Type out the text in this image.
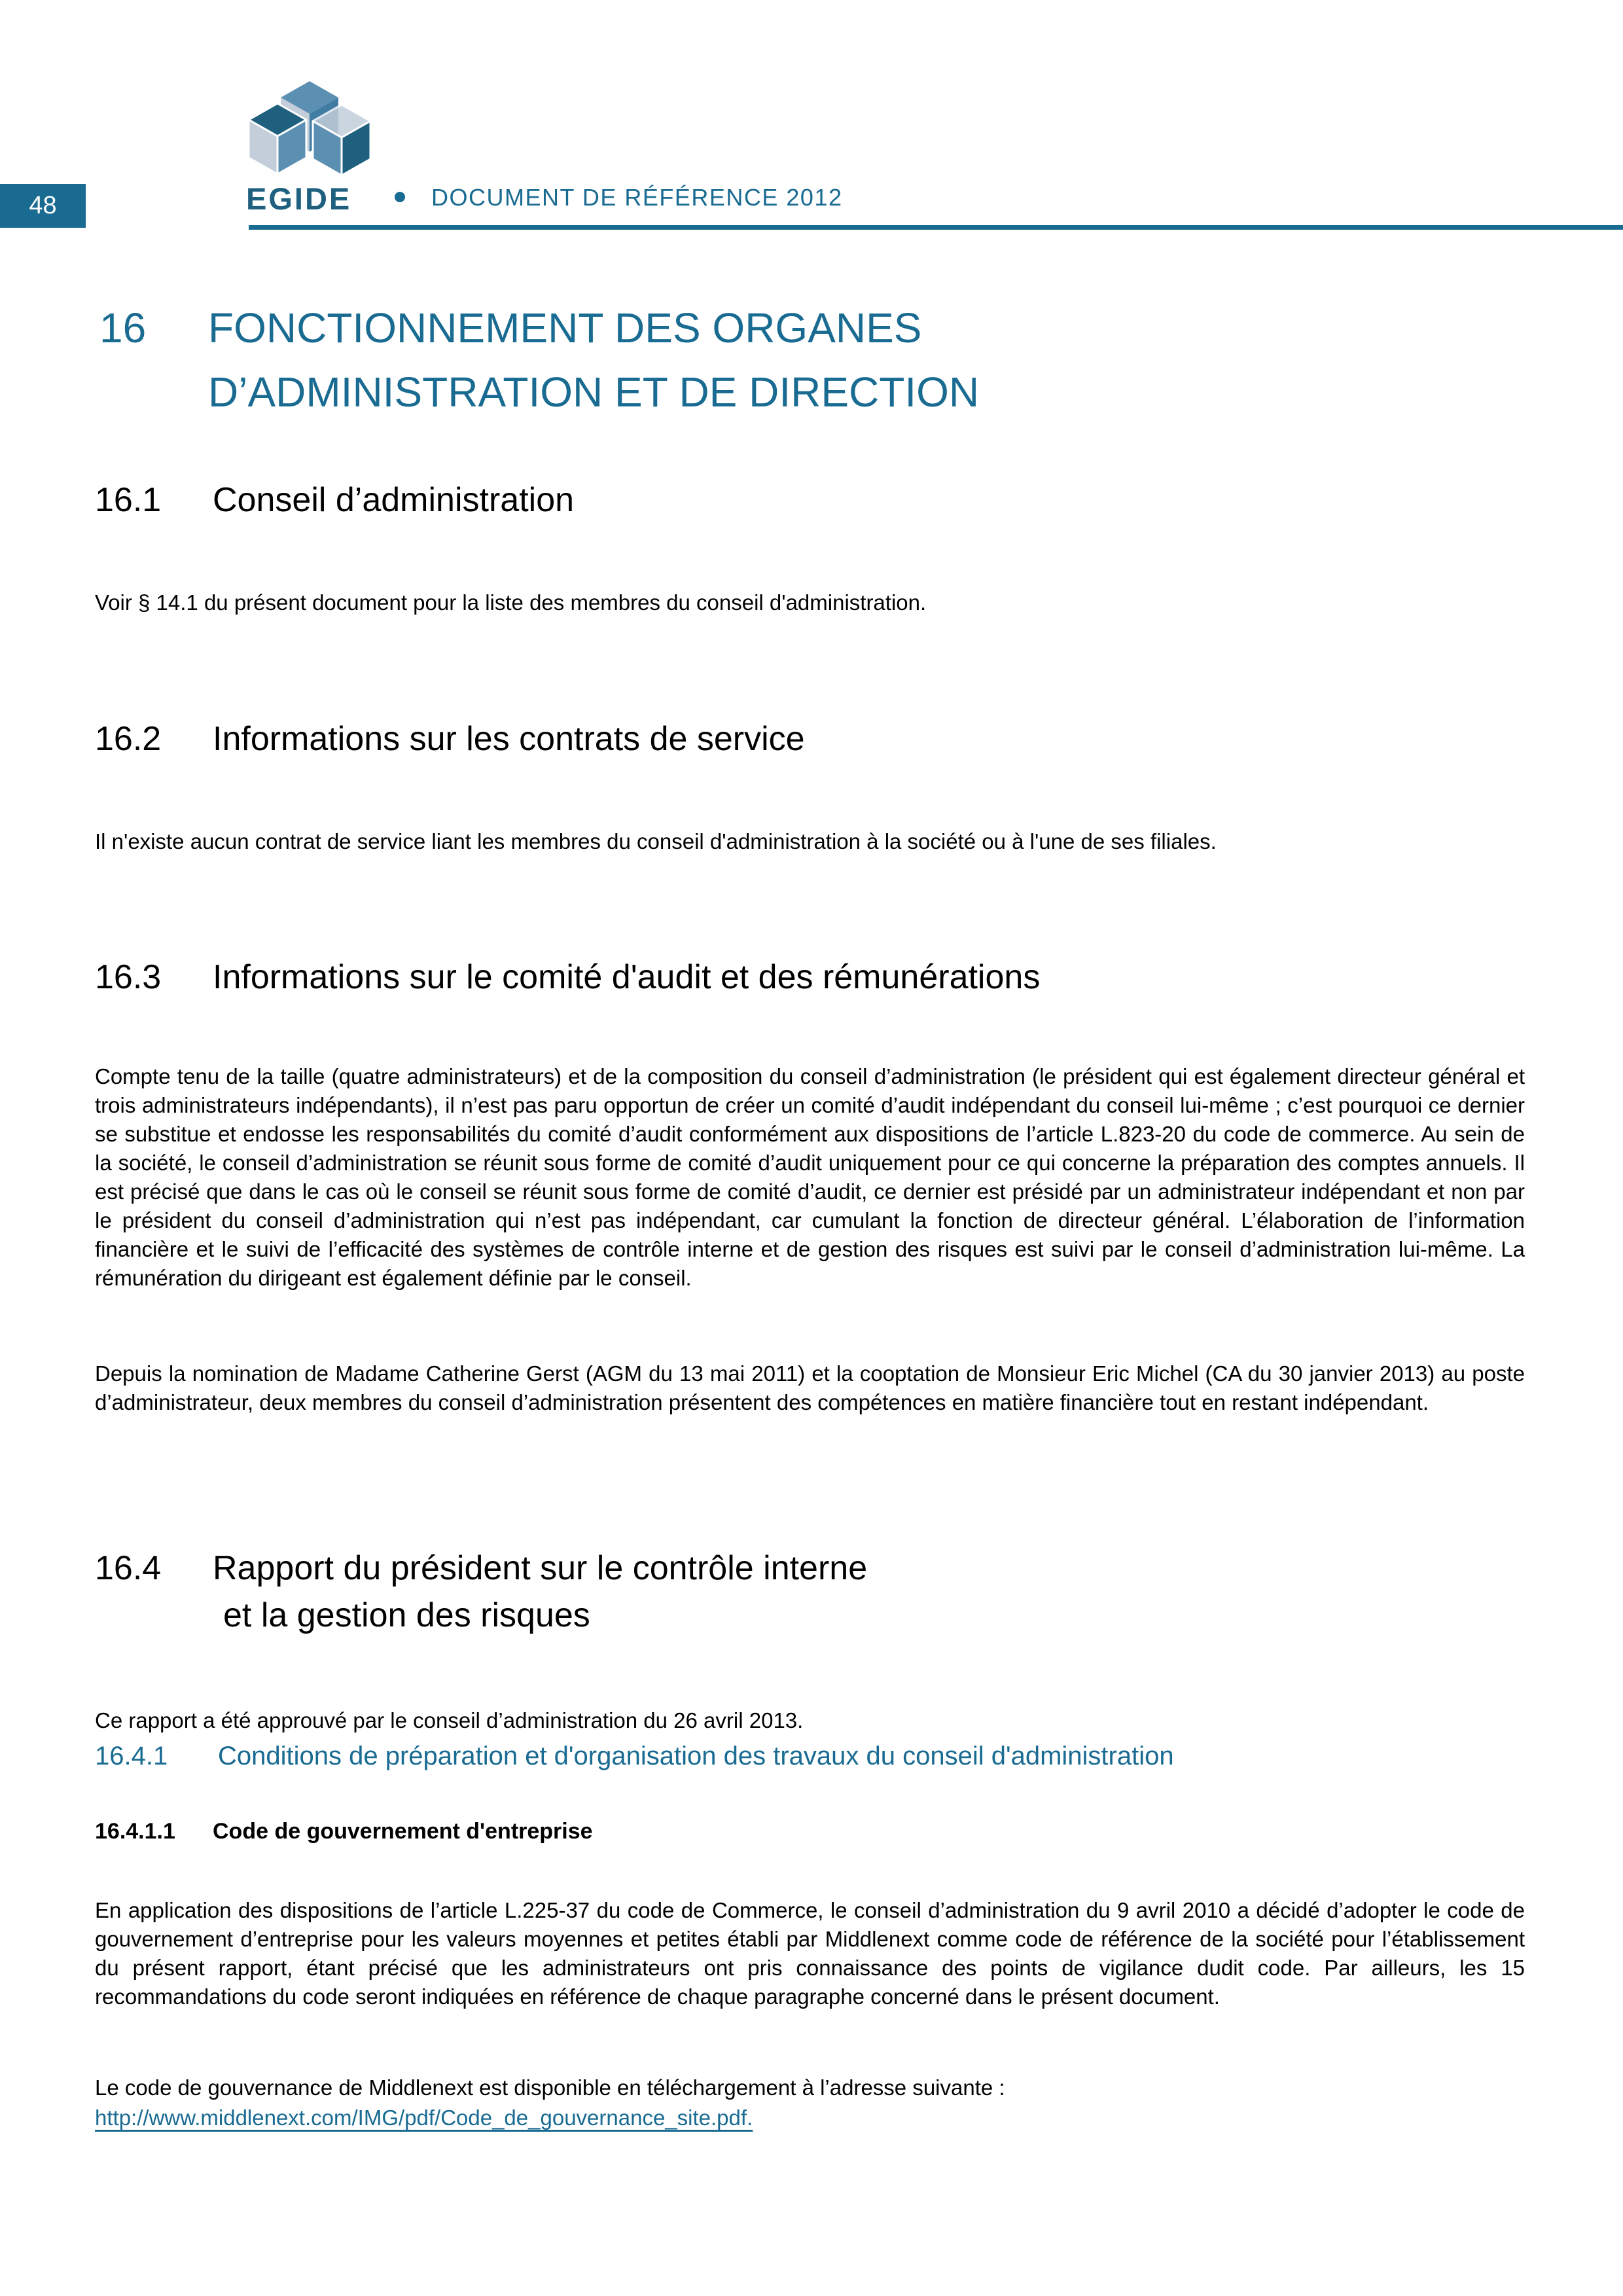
48	EGIDE	DOCUMENT DE RÉFÉRENCE 2012
16	FONCTIONNEMENT DES ORGANES
D’ADMINISTRATION ET DE DIRECTION
16.1	Conseil d’administration

Voir § 14.1 du présent document pour la liste des membres du conseil d'administration.

16.2	Informations sur les contrats de service

Il n'existe aucun contrat de service liant les membres du conseil d'administration à la société ou à l'une de ses filiales.

16.3	Informations sur le comité d'audit et des rémunérations

Compte tenu de la taille (quatre administrateurs) et de la composition du conseil d’administration (le président qui est également directeur général et trois administrateurs indépendants), il n’est pas paru opportun de créer un comité d’audit indépendant du conseil lui-même ; c’est pourquoi ce dernier se substitue et endosse les responsabilités du comité d’audit conformément aux dispositions de l’article L.823-20 du code de commerce. Au sein de la société, le conseil d’administration se réunit sous forme de comité d’audit uniquement pour ce qui concerne la préparation des comptes annuels. Il est précisé que dans le cas où le conseil se réunit sous forme de comité d’audit, ce dernier est présidé par un administrateur indépendant et non par le président du conseil d’administration qui n’est pas indépendant, car cumulant la fonction de directeur général. L’élaboration de l’information financière et le suivi de l’efficacité des systèmes de contrôle interne et de gestion des risques est suivi par le conseil d’administration lui-même. La rémunération du dirigeant est également définie par le conseil.

Depuis la nomination de Madame Catherine Gerst (AGM du 13 mai 2011) et la cooptation de Monsieur Eric Michel (CA du 30 janvier 2013) au poste d’administrateur, deux membres du conseil d’administration présentent des compétences en matière financière tout en restant indépendant.

16.4	Rapport du président sur le contrôle interne
et la gestion des risques

Ce rapport a été approuvé par le conseil d’administration du 26 avril 2013.

16.4.1	Conditions de préparation et d'organisation des travaux du conseil d'administration
16.4.1.1	Code de gouvernement d'entreprise

En application des dispositions de l’article L.225-37 du code de Commerce, le conseil d’administration du 9 avril 2010 a décidé d’adopter le code de gouvernement d’entreprise pour les valeurs moyennes et petites établi par Middlenext comme code de référence de la société pour l’établissement du présent rapport, étant précisé que les administrateurs ont pris connaissance des points de vigilance dudit code. Par ailleurs, les 15 recommandations du code seront indiquées en référence de chaque paragraphe concerné dans le présent document.

Le code de gouvernance de Middlenext est disponible en téléchargement à l’adresse suivante :
http://www.middlenext.com/IMG/pdf/Code_de_gouvernance_site.pdf.
